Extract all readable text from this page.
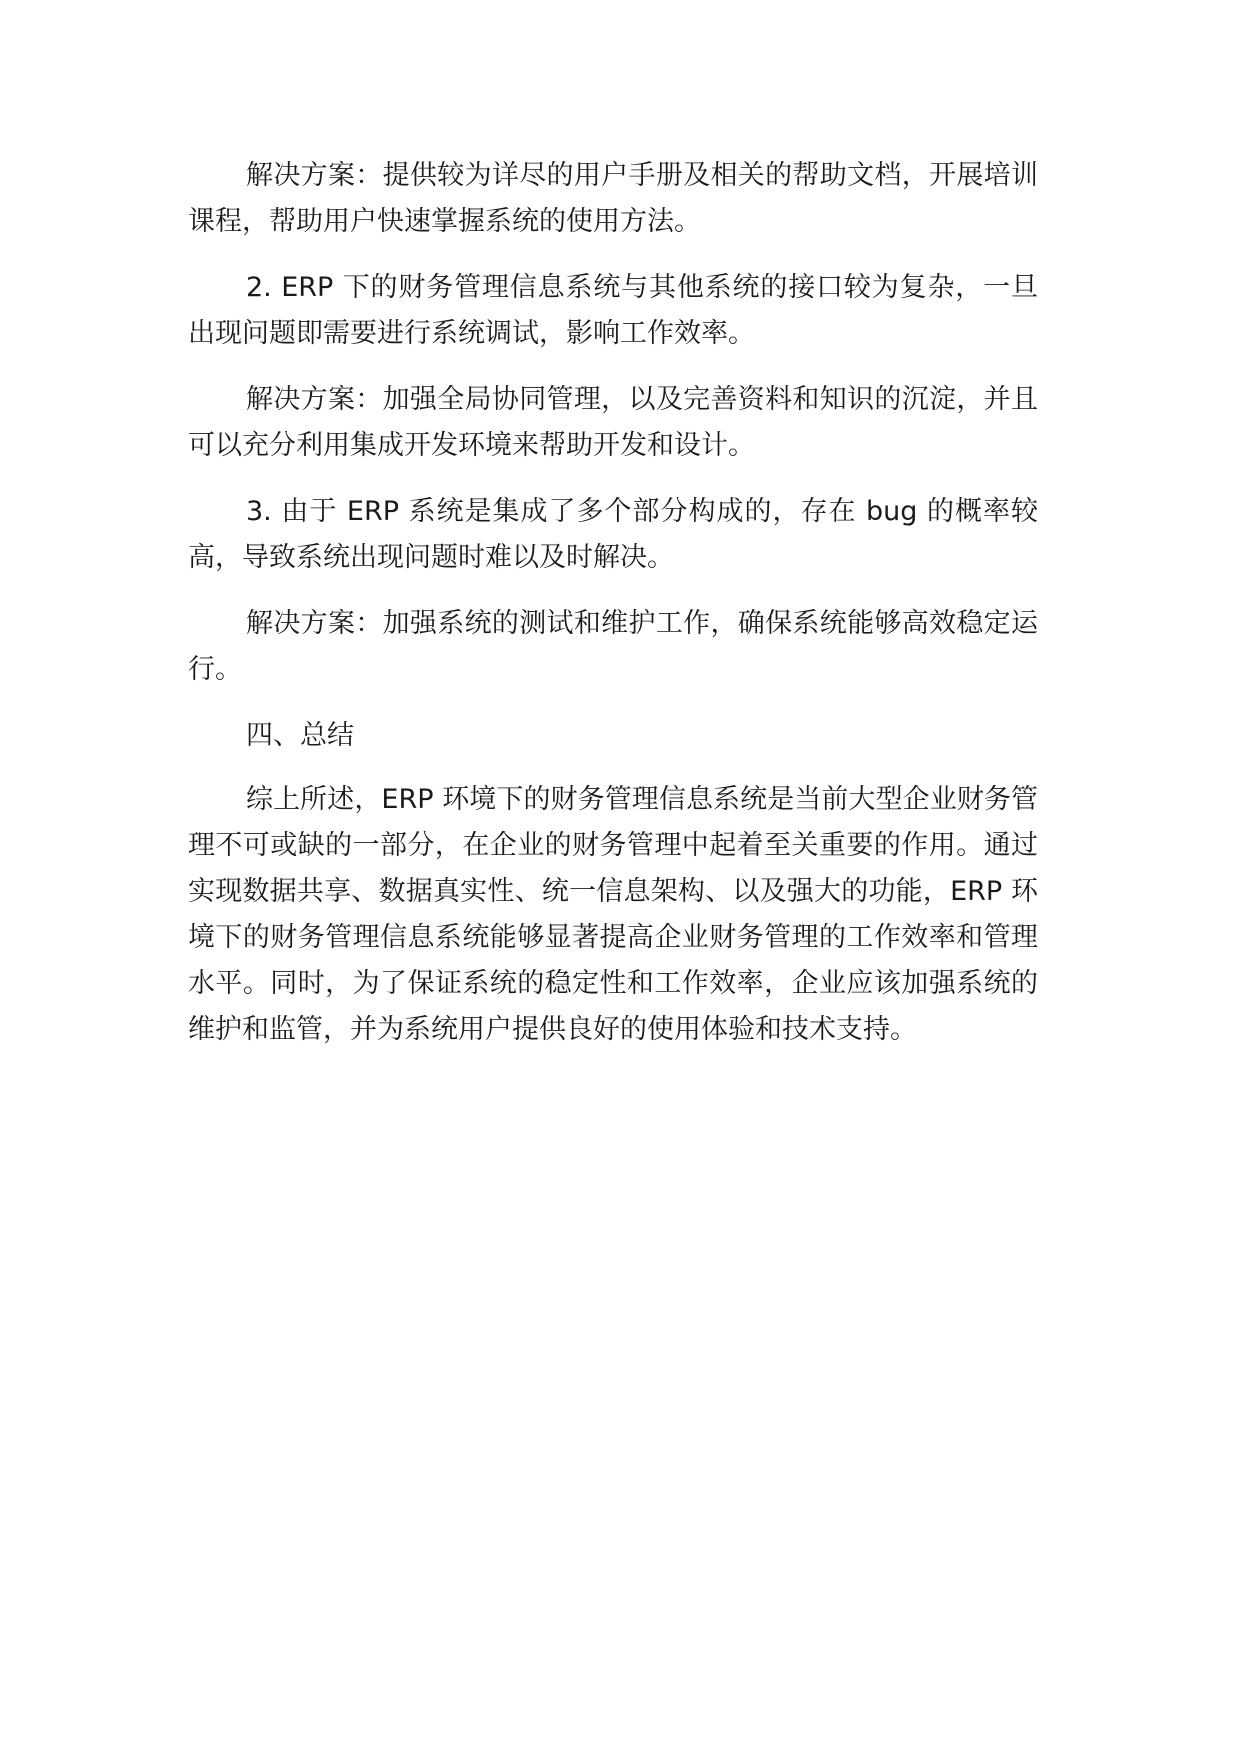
解决方案：提供较为详尽的用户手册及相关的帮助文档，开展培训课程，帮助用户快速掌握系统的使用方法。

2. ERP 下的财务管理信息系统与其他系统的接口较为复杂，一旦出现问题即需要进行系统调试，影响工作效率。

解决方案：加强全局协同管理，以及完善资料和知识的沉淀，并且可以充分利用集成开发环境来帮助开发和设计。

3. 由于 ERP 系统是集成了多个部分构成的，存在 bug 的概率较高，导致系统出现问题时难以及时解决。

解决方案：加强系统的测试和维护工作，确保系统能够高效稳定运行。

四、总结

综上所述，ERP 环境下的财务管理信息系统是当前大型企业财务管理不可或缺的一部分，在企业的财务管理中起着至关重要的作用。通过实现数据共享、数据真实性、统一信息架构、以及强大的功能，ERP 环境下的财务管理信息系统能够显著提高企业财务管理的工作效率和管理水平。同时，为了保证系统的稳定性和工作效率，企业应该加强系统的维护和监管，并为系统用户提供良好的使用体验和技术支持。
